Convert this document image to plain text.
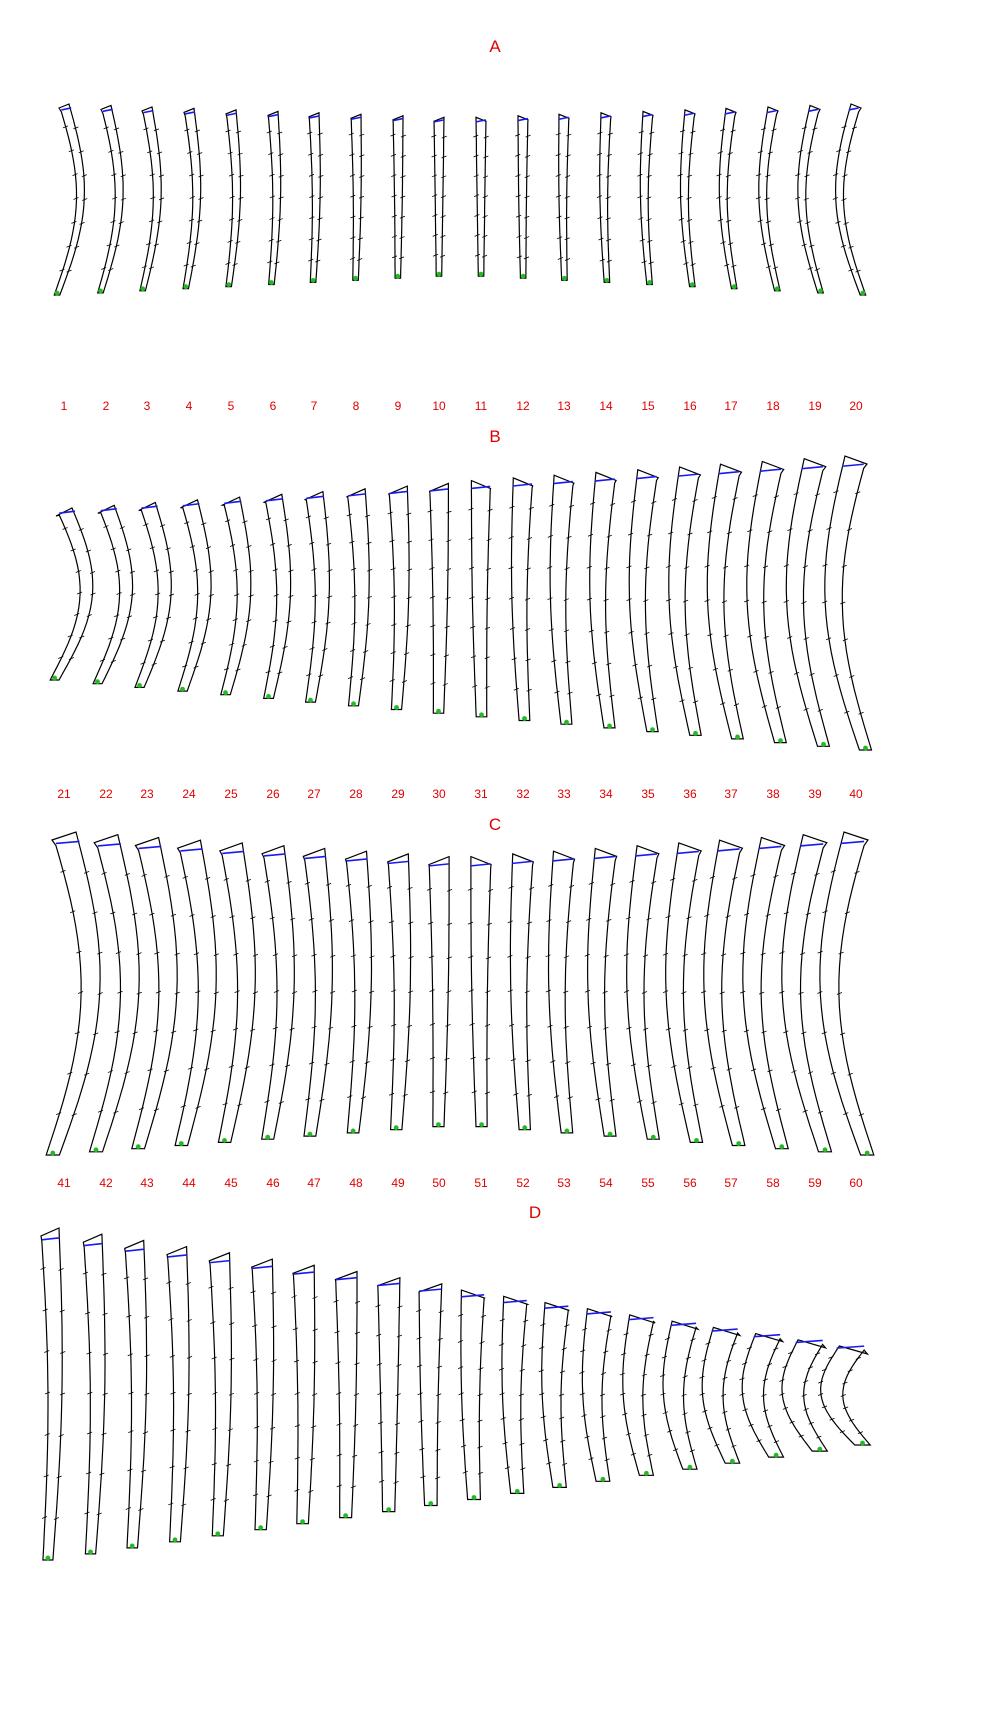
A
B
C
D
1	2	3	4	5	6	7	8	9	10 11 12 13 14 15 16 17 18 19 20
21 22 23 24 25 26 27 28 29 30 31 32 33 34 35 36 37 38 39 40
41 42 43 44 45 46 47 48 49 50 51 52 53 54 55 56 57 58 59 60
